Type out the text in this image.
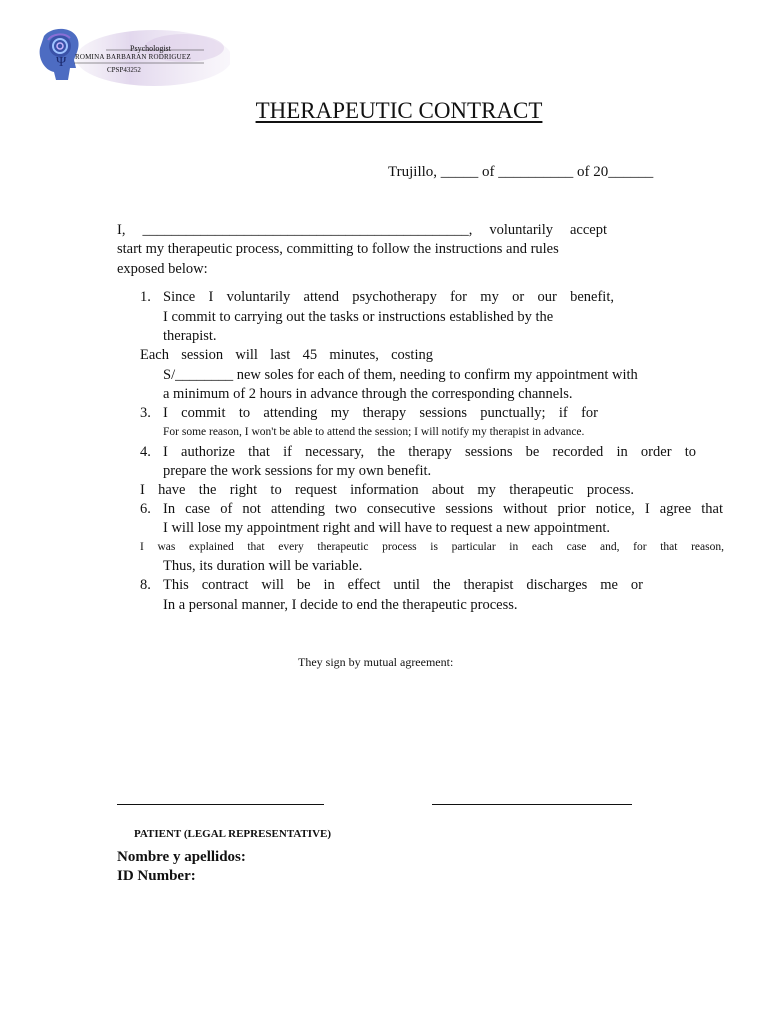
Ψ
Psychologist
ROMINA BARBARAN RODRIGUEZ
CPSP43252
THERAPEUTIC CONTRACT
Trujillo, _____ of __________ of 20______
I, _____________________________________________, voluntarily accept
start my therapeutic process, committing to follow the instructions and rules
exposed below:
1. Since I voluntarily attend psychotherapy for my or our benefit,
I commit to carrying out the tasks or instructions established by the
therapist.
Each session will last 45 minutes, costing
S/________ new soles for each of them, needing to confirm my appointment with
a minimum of 2 hours in advance through the corresponding channels.
3. I commit to attending my therapy sessions punctually; if for
For some reason, I won't be able to attend the session; I will notify my therapist in advance.
4. I authorize that if necessary, the therapy sessions be recorded in order to
prepare the work sessions for my own benefit.
I have the right to request information about my therapeutic process.
6. In case of not attending two consecutive sessions without prior notice, I agree that
I will lose my appointment right and will have to request a new appointment.
I was explained that every therapeutic process is particular in each case and, for that reason,
Thus, its duration will be variable.
8. This contract will be in effect until the therapist discharges me or
In a personal manner, I decide to end the therapeutic process.
They sign by mutual agreement:
PATIENT (LEGAL REPRESENTATIVE)
Nombre y apellidos:
ID Number:
